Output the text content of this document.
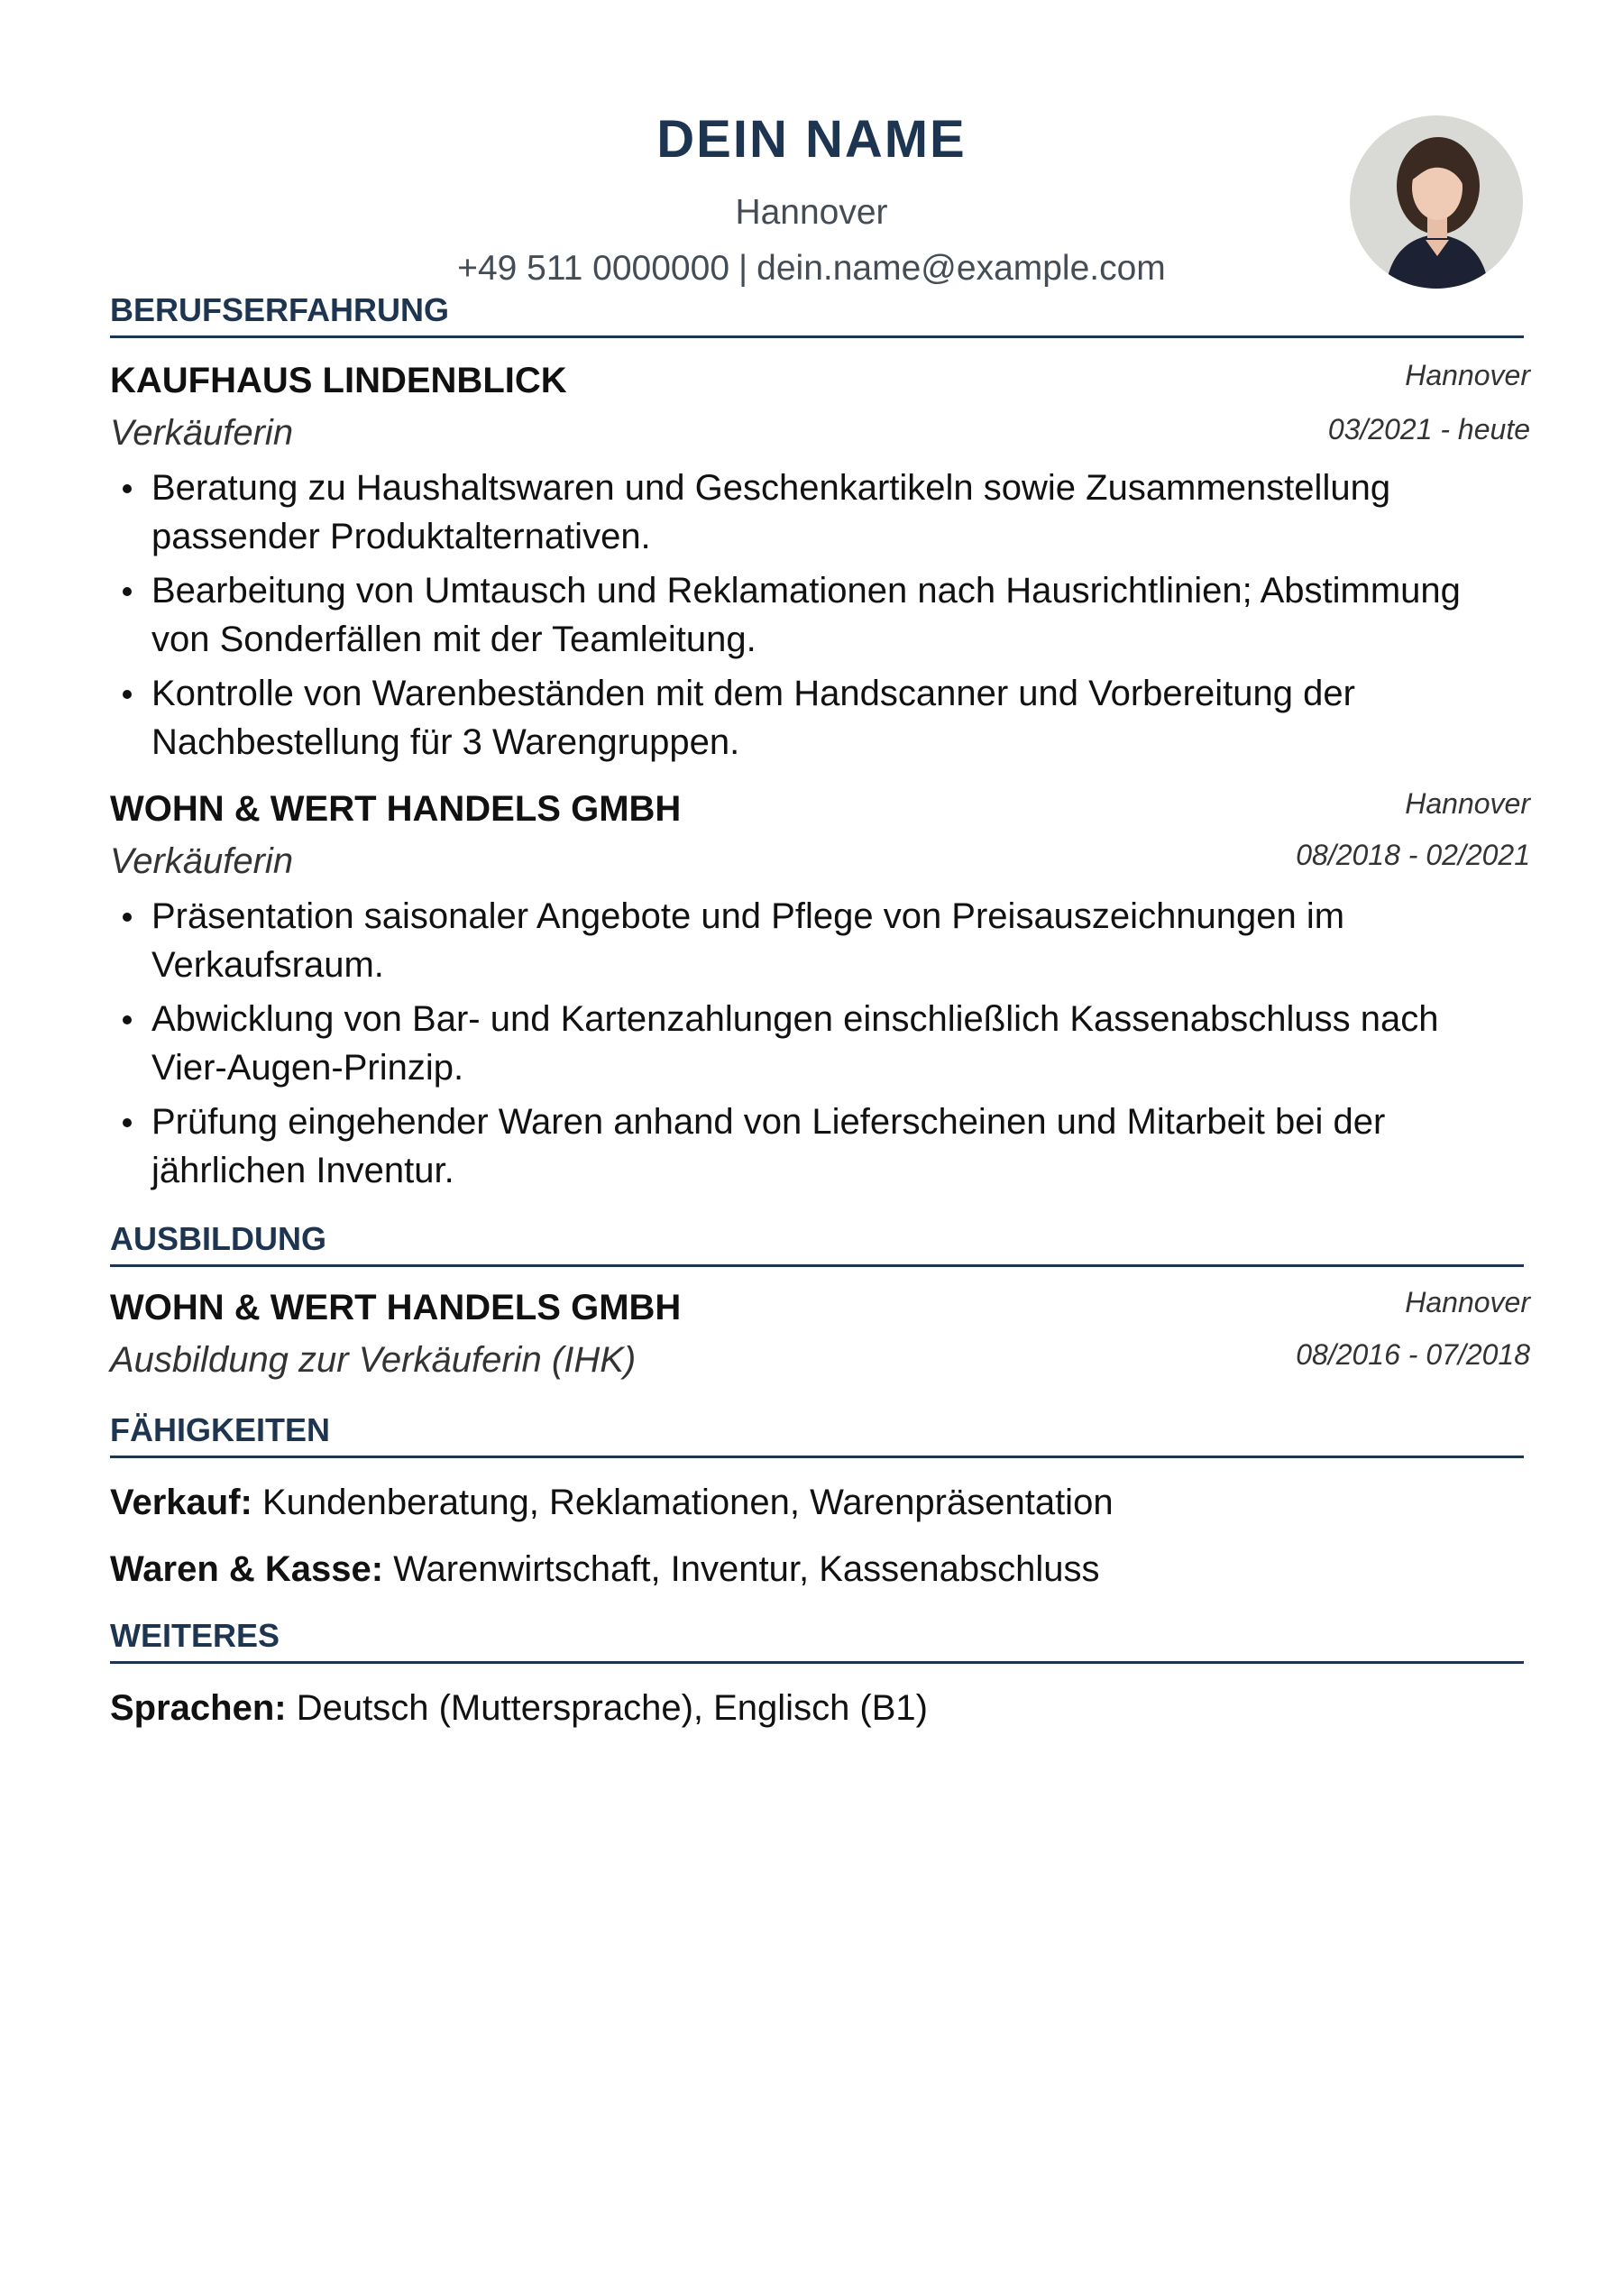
DEIN NAME
Hannover
+49 511 0000000 | dein.name@example.com
BERUFSERFAHRUNG
KAUFHAUS LINDENBLICK	Hannover
Verkäuferin	03/2021 - heute
Beratung zu Haushaltswaren und Geschenkartikeln sowie Zusammenstellung passender Produktalternativen.
Bearbeitung von Umtausch und Reklamationen nach Hausrichtlinien; Abstimmung von Sonderfällen mit der Teamleitung.
Kontrolle von Warenbeständen mit dem Handscanner und Vorbereitung der Nachbestellung für 3 Warengruppen.
WOHN & WERT HANDELS GMBH	Hannover
Verkäuferin	08/2018 - 02/2021
Präsentation saisonaler Angebote und Pflege von Preisauszeichnungen im Verkaufsraum.
Abwicklung von Bar- und Kartenzahlungen einschließlich Kassenabschluss nach Vier-Augen-Prinzip.
Prüfung eingehender Waren anhand von Lieferscheinen und Mitarbeit bei der jährlichen Inventur.
AUSBILDUNG
WOHN & WERT HANDELS GMBH	Hannover
Ausbildung zur Verkäuferin (IHK)	08/2016 - 07/2018
FÄHIGKEITEN
Verkauf: Kundenberatung, Reklamationen, Warenpräsentation
Waren & Kasse: Warenwirtschaft, Inventur, Kassenabschluss
WEITERES
Sprachen: Deutsch (Muttersprache), Englisch (B1)
